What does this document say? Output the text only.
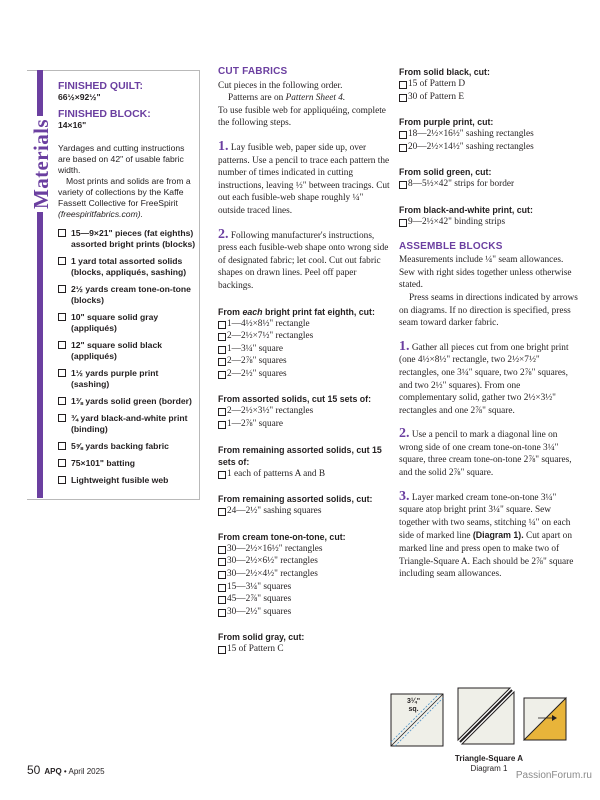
Materials
FINISHED QUILT:
66½×92½"
FINISHED BLOCK:
14×16"

Yardages and cutting instructions are based on 42" of usable fabric width.

Most prints and solids are from a variety of collections by the Kaffe Fassett Collective for FreeSpirit

(freespiritfabrics.com).

15—9×21" pieces (fat eighths) assorted bright prints (blocks)
1 yard total assorted solids (blocks, appliqués, sashing)
2½ yards cream tone-on-tone (blocks)
10" square solid gray (appliqués)
12" square solid black (appliqués)
1½ yards purple print (sashing)
1⅜ yards solid green (border)
¾ yard black-and-white print (binding)
5⅝ yards backing fabric
75×101" batting
Lightweight fusible web
CUT FABRICS

Cut pieces in the following order.

Patterns are on Pattern Sheet 4.

To use fusible web for appliquéing, complete the following steps.

1. Lay fusible web, paper side up, over patterns. Use a pencil to trace each pattern the number of times indicated in cutting instructions, leaving ½" between tracings. Cut out each fusible-web shape roughly ¼" outside traced lines.

2. Following manufacturer's instructions, press each fusible-web shape onto wrong side of designated fabric; let cool. Cut out fabric shapes on drawn lines. Peel off paper backings.

From each bright print fat eighth, cut:
1—4½×8½" rectangle
2—2½×7½" rectangles
1—3¼" square
2—2⅞" squares
2—2½" squares
From assorted solids, cut 15 sets of:
2—2½×3½" rectangles
1—2⅞" square
From remaining assorted solids, cut 15 sets of:
1 each of patterns A and B
From remaining assorted solids, cut:
24—2½" sashing squares
From cream tone-on-tone, cut:
30—2½×16½" rectangles
30—2½×6½" rectangles
30—2½×4½" rectangles
15—3¼" squares
45—2⅞" squares
30—2½" squares
From solid gray, cut:
15 of Pattern C
From solid black, cut:
15 of Pattern D
30 of Pattern E
From purple print, cut:
18—2½×16½" sashing rectangles
20—2½×14½" sashing rectangles
From solid green, cut:
8—5½×42" strips for border
From black-and-white print, cut:
9—2½×42" binding strips
ASSEMBLE BLOCKS

Measurements include ¼" seam allowances. Sew with right sides together unless otherwise stated.

Press seams in directions indicated by arrows on diagrams. If no direction is specified, press seam toward darker fabric.

1. Gather all pieces cut from one bright print (one 4½×8½" rectangle, two 2½×7½" rectangles, one 3¼" square, two 2⅞" squares, and two 2½" squares). From one complementary solid, gather two 2½×3½" rectangles and one 2⅞" square.

2. Use a pencil to mark a diagonal line on wrong side of one cream tone-on-tone 3¼" square, three cream tone-on-tone 2⅞" squares, and the solid 2⅞" square.

3. Layer marked cream tone-on-tone 3¼" square atop bright print 3¼" square. Sew together with two seams, stitching ¼" on each side of marked line (Diagram 1). Cut apart on marked line and press open to make two of Triangle-Square A. Each should be 2⅞" square including seam allowances.

3¼"
sq.
Triangle-Square A
Diagram 1
50 APQ • April 2025	PassionForum.ru
